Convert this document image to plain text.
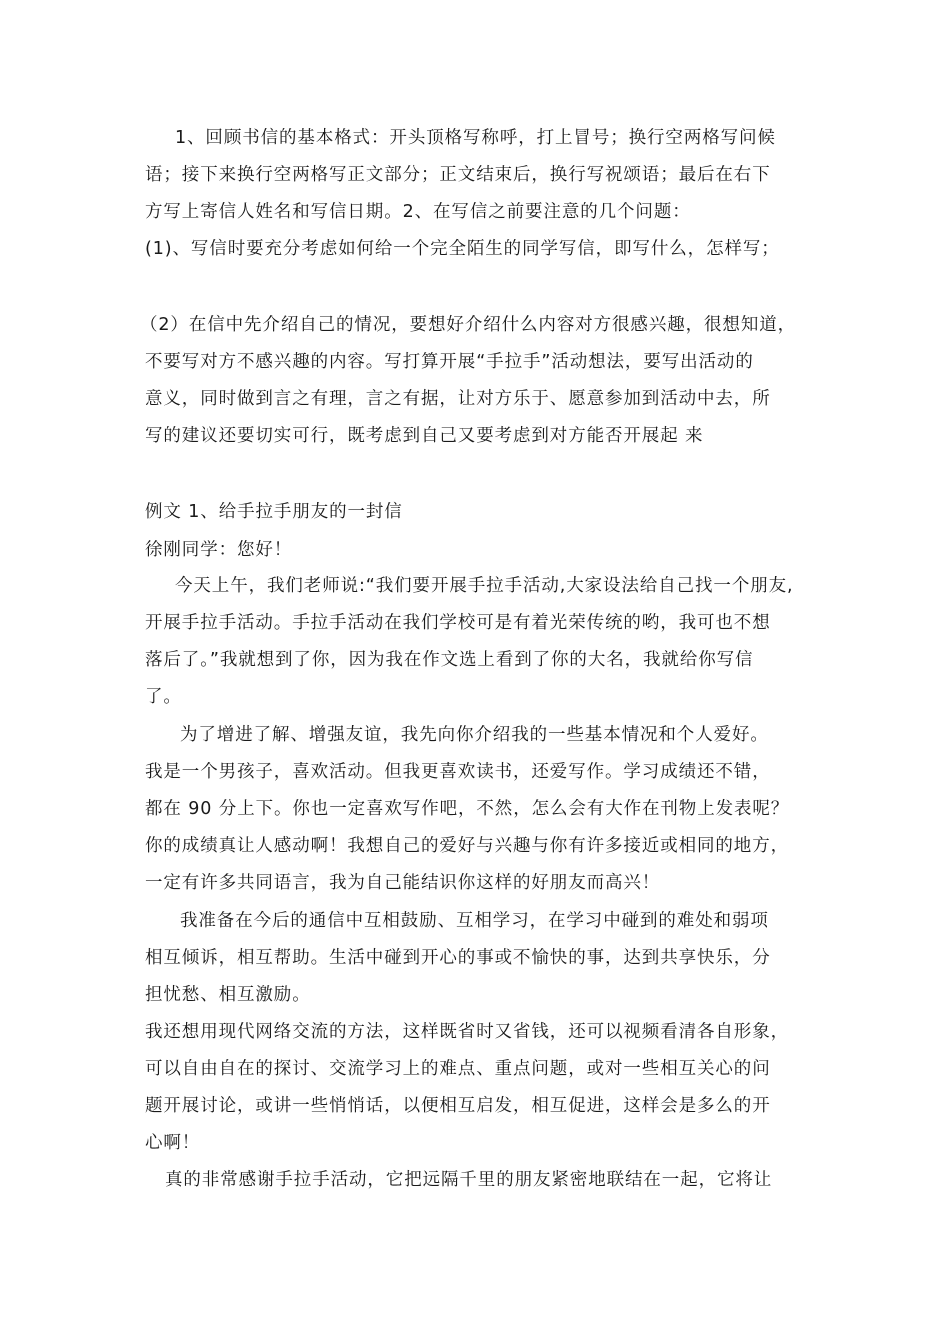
1、回顾书信的基本格式：开头顶格写称呼，打上冒号；换行空两格写问候
语；接下来换行空两格写正文部分；正文结束后，换行写祝颂语；最后在右下
方写上寄信人姓名和写信日期。2、在写信之前要注意的几个问题：
(1)、写信时要充分考虑如何给一个完全陌生的同学写信，即写什么，怎样写；
（2）在信中先介绍自己的情况，要想好介绍什么内容对方很感兴趣，很想知道，
不要写对方不感兴趣的内容。写打算开展“手拉手”活动想法，要写出活动的
意义，同时做到言之有理，言之有据，让对方乐于、愿意参加到活动中去，所
写的建议还要切实可行，既考虑到自己又要考虑到对方能否开展起 来
例文 1、给手拉手朋友的一封信
徐刚同学：您好！
今天上午，我们老师说:“我们要开展手拉手活动,大家设法给自己找一个朋友,
开展手拉手活动。手拉手活动在我们学校可是有着光荣传统的哟，我可也不想
落后了。”我就想到了你，因为我在作文选上看到了你的大名，我就给你写信
了。
为了增进了解、增强友谊，我先向你介绍我的一些基本情况和个人爱好。
我是一个男孩子，喜欢活动。但我更喜欢读书，还爱写作。学习成绩还不错，
都在 90 分上下。你也一定喜欢写作吧，不然，怎么会有大作在刊物上发表呢？
你的成绩真让人感动啊！我想自己的爱好与兴趣与你有许多接近或相同的地方，
一定有许多共同语言，我为自己能结识你这样的好朋友而高兴！
我准备在今后的通信中互相鼓励、互相学习，在学习中碰到的难处和弱项
相互倾诉，相互帮助。生活中碰到开心的事或不愉快的事，达到共享快乐，分
担忧愁、相互激励。
我还想用现代网络交流的方法，这样既省时又省钱，还可以视频看清各自形象，
可以自由自在的探讨、交流学习上的难点、重点问题，或对一些相互关心的问
题开展讨论，或讲一些悄悄话，以便相互启发，相互促进，这样会是多么的开
心啊！
真的非常感谢手拉手活动，它把远隔千里的朋友紧密地联结在一起，它将让
